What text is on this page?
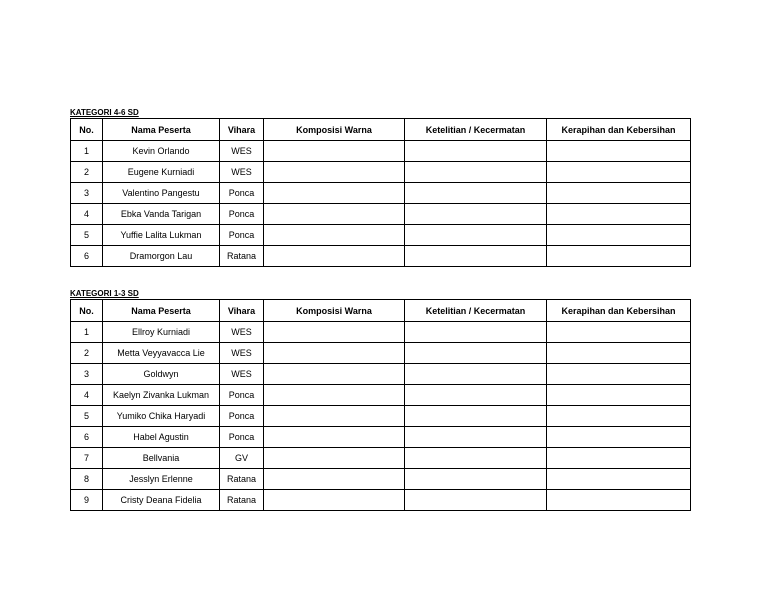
KATEGORI 4-6 SD
No.	Nama Peserta	Vihara	Komposisi Warna	Ketelitian / Kecermatan	Kerapihan dan Kebersihan
1	Kevin Orlando	WES			
2	Eugene Kurniadi	WES			
3	Valentino Pangestu	Ponca			
4	Ebka Vanda Tarigan	Ponca			
5	Yuffie Lalita Lukman	Ponca			
6	Dramorgon Lau	Ratana			
KATEGORI 1-3 SD
No.	Nama Peserta	Vihara	Komposisi Warna	Ketelitian / Kecermatan	Kerapihan dan Kebersihan
1	Ellroy Kurniadi	WES			
2	Metta Veyyavacca Lie	WES			
3	Goldwyn	WES			
4	Kaelyn Zivanka Lukman	Ponca			
5	Yumiko Chika Haryadi	Ponca			
6	Habel Agustin	Ponca			
7	Bellvania	GV			
8	Jesslyn Erlenne	Ratana			
9	Cristy Deana Fidelia	Ratana			
